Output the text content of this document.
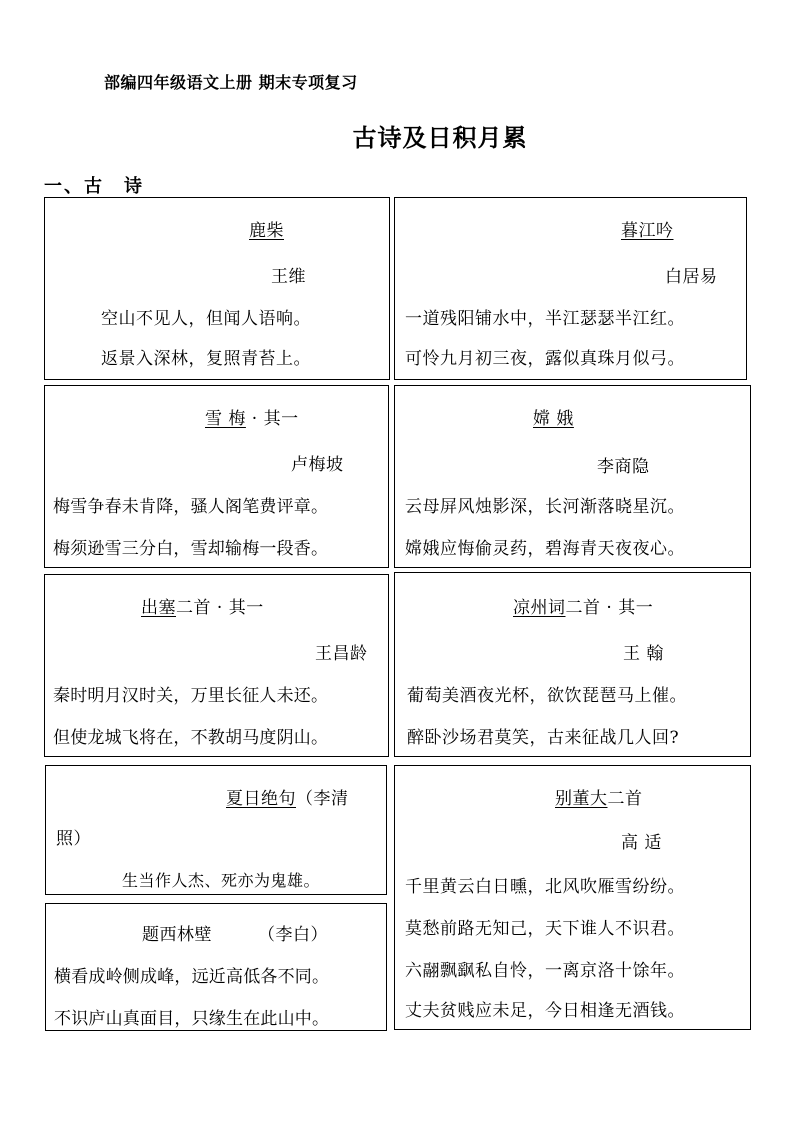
部编四年级语文上册 期末专项复习
古诗及日积月累
一、古　诗
鹿柴
王维
空山不见人，但闻人语响。
返景入深林，复照青苔上。
暮江吟
白居易
一道残阳铺水中，半江瑟瑟半江红。
可怜九月初三夜，露似真珠月似弓。
雪 梅 · 其一
卢梅坡
梅雪争春未肯降，骚人阁笔费评章。
梅须逊雪三分白，雪却输梅一段香。
嫦 娥
李商隐
云母屏风烛影深，长河渐落晓星沉。
嫦娥应悔偷灵药，碧海青天夜夜心。
出塞二首 · 其一
王昌龄
秦时明月汉时关，万里长征人未还。
但使龙城飞将在，不教胡马度阴山。
凉州词二首 · 其一
王 翰
葡萄美酒夜光杯，欲饮琵琶马上催。
醉卧沙场君莫笑，古来征战几人回?
夏日绝句（李清
照）
生当作人杰、死亦为鬼雄。
题西林壁	（李白）
横看成岭侧成峰，远近高低各不同。
不识庐山真面目，只缘生在此山中。
别董大二首
高 适
千里黄云白日曛，北风吹雁雪纷纷。
莫愁前路无知己，天下谁人不识君。
六翮飘飖私自怜，一离京洛十馀年。
丈夫贫贱应未足，今日相逢无酒钱。
